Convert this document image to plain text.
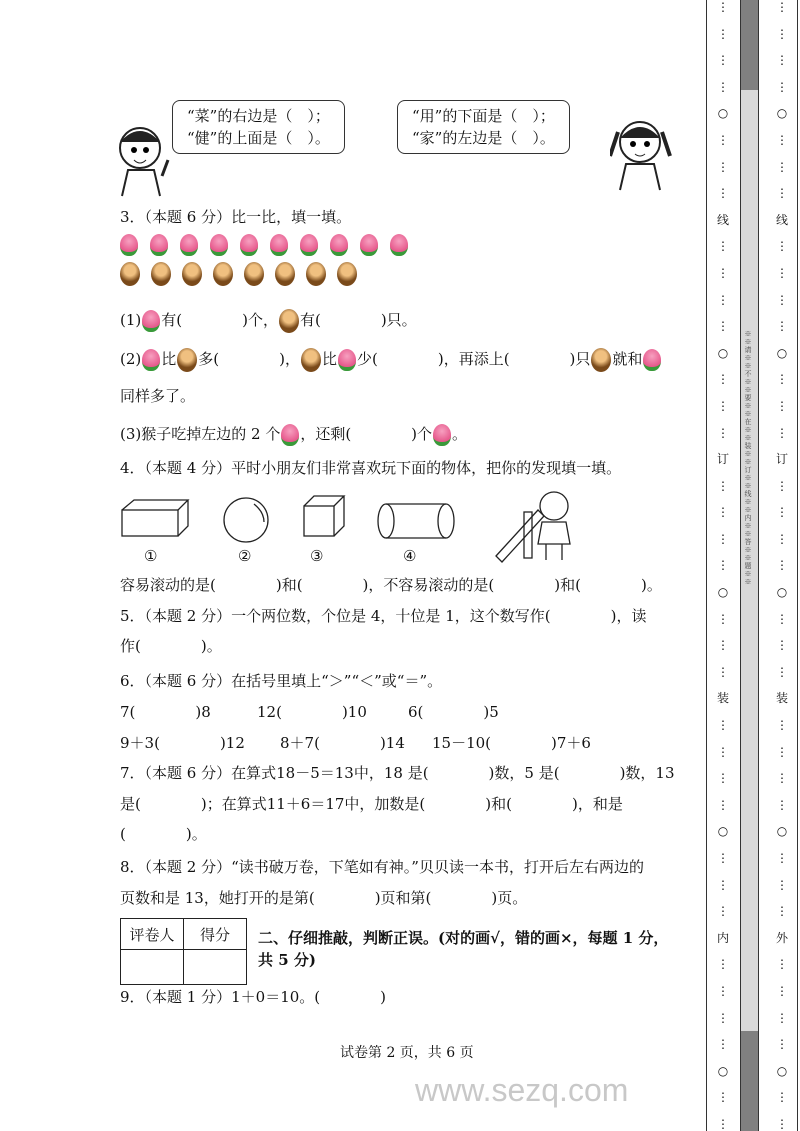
“菜”的右边是（　）；
“健”的上面是（　）。
“用”的下面是（　）；
“家”的左边是（　）。
3．（本题 6 分）比一比，填一填。
(1) 有(　　　　)个， 有(　　　　)只。
(2) 比 多(　　　　)， 比 少(　　　　)，再添上(　　　　)只 就和
同样多了。
(3)猴子吃掉左边的 2 个 ，还剩(　　　　)个 。
4．（本题 4 分）平时小朋友们非常喜欢玩下面的物体，把你的发现填一填。
①	②	③	④
容易滚动的是(　　　　)和(　　　　)，不容易滚动的是(　　　　)和(　　　　)。
5．（本题 2 分）一个两位数，个位是 4，十位是 1，这个数写作(　　　　)，读
作(　　　　)。
6．（本题 6 分）在括号里填上“＞”“＜”或“＝”。
7(　　　　)8	12(　　　　)10	6(　　　　)5
9＋3(　　　　)12 8＋7(　　　　)14 15－10(　　　　)7＋6
7．（本题 6 分）在算式18－5＝13中，18 是(　　　　)数，5 是(　　　　)数，13
是(　　　　)；在算式11＋6＝17中，加数是(　　　　)和(　　　　)，和是
(　　　　)。
8．（本题 2 分）“读书破万卷，下笔如有神。”贝贝读一本书，打开后左右两边的
页数和是 13，她打开的是第(　　　　)页和第(　　　　)页。
评卷人	得分
	二、仔细推敲，判断正误。(对的画√，错的画×，每题 1 分，
共 5 分)
9．（本题 1 分）1＋0＝10。(　　　　)
试卷第 2 页，共 6 页
www.sezq.com
⋮
⋮
⋮
⋮
○
⋮
⋮
⋮
线
⋮
⋮
⋮
⋮
○
⋮
⋮
⋮
订
⋮
⋮
⋮
⋮
○
⋮
⋮
⋮
装
⋮
⋮
⋮
⋮
○
⋮
⋮
⋮
内
⋮
⋮
⋮
⋮
○
⋮
⋮
※※请※※不※※要※※在※※装※※订※※线※※内※※答※※题※※
⋮
⋮
⋮
⋮
○
⋮
⋮
⋮
线
⋮
⋮
⋮
⋮
○
⋮
⋮
⋮
订
⋮
⋮
⋮
⋮
○
⋮
⋮
⋮
装
⋮
⋮
⋮
⋮
○
⋮
⋮
⋮
外
⋮
⋮
⋮
⋮
○
⋮
⋮
